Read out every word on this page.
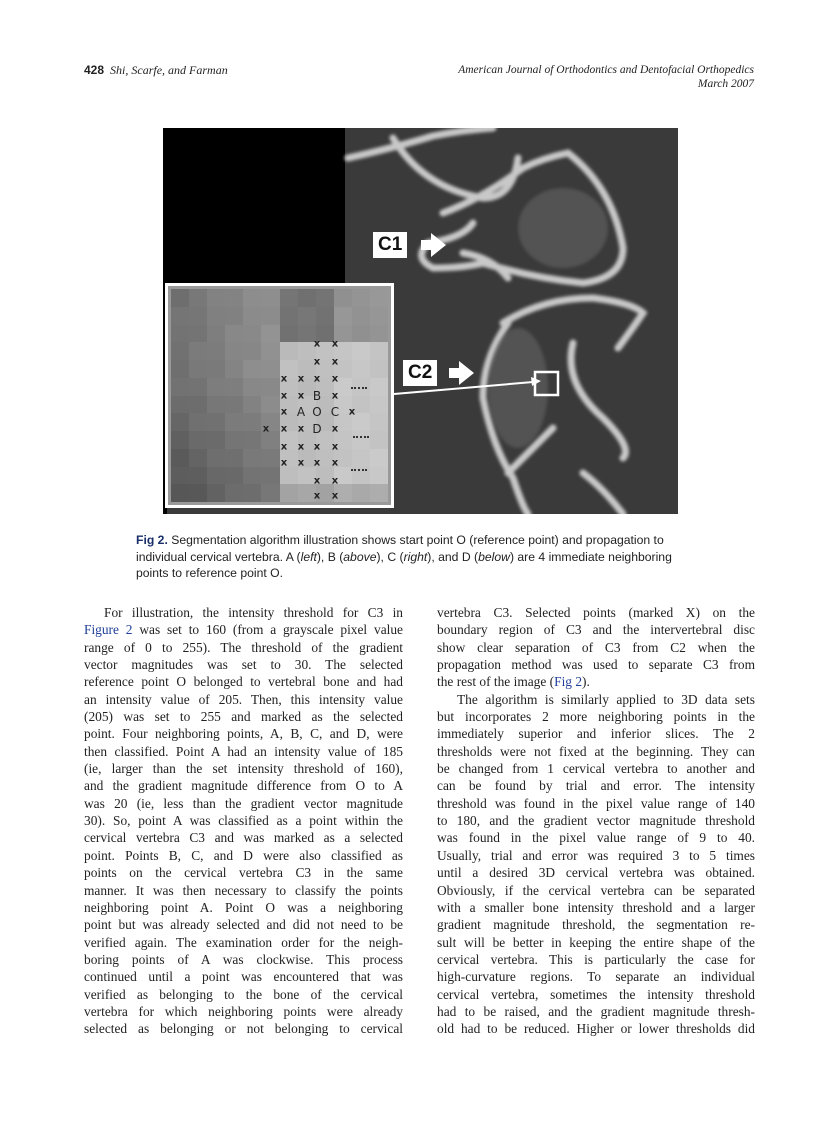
428 Shi, Scarfe, and Farman	American Journal of Orthodontics and Dentofacial Orthopedics
March 2007
C1
C2
x x
x x
x x x x
x x B x
x A O C x
x x x D x
x x x x
x x x x
x x
x x
Fig 2. Segmentation algorithm illustration shows start point O (reference point) and propagation to individual cervical vertebra. A (left), B (above), C (right), and D (below) are 4 immediate neighboring points to reference point O.
For illustration, the intensity threshold for C3 in
Figure 2 was set to 160 (from a grayscale pixel value
range of 0 to 255). The threshold of the gradient
vector magnitudes was set to 30. The selected
reference point O belonged to vertebral bone and had
an intensity value of 205. Then, this intensity value
(205) was set to 255 and marked as the selected
point. Four neighboring points, A, B, C, and D, were
then classified. Point A had an intensity value of 185
(ie, larger than the set intensity threshold of 160),
and the gradient magnitude difference from O to A
was 20 (ie, less than the gradient vector magnitude
30). So, point A was classified as a point within the
cervical vertebra C3 and was marked as a selected
point. Points B, C, and D were also classified as
points on the cervical vertebra C3 in the same
manner. It was then necessary to classify the points
neighboring point A. Point O was a neighboring
point but was already selected and did not need to be
verified again. The examination order for the neigh-
boring points of A was clockwise. This process
continued until a point was encountered that was
verified as belonging to the bone of the cervical
vertebra for which neighboring points were already
selected as belonging or not belonging to cervical
vertebra C3. Selected points (marked X) on the
boundary region of C3 and the intervertebral disc
show clear separation of C3 from C2 when the
propagation method was used to separate C3 from
the rest of the image (Fig 2).
The algorithm is similarly applied to 3D data sets
but incorporates 2 more neighboring points in the
immediately superior and inferior slices. The 2
thresholds were not fixed at the beginning. They can
be changed from 1 cervical vertebra to another and
can be found by trial and error. The intensity
threshold was found in the pixel value range of 140
to 180, and the gradient vector magnitude threshold
was found in the pixel value range of 9 to 40.
Usually, trial and error was required 3 to 5 times
until a desired 3D cervical vertebra was obtained.
Obviously, if the cervical vertebra can be separated
with a smaller bone intensity threshold and a larger
gradient magnitude threshold, the segmentation re-
sult will be better in keeping the entire shape of the
cervical vertebra. This is particularly the case for
high-curvature regions. To separate an individual
cervical vertebra, sometimes the intensity threshold
had to be raised, and the gradient magnitude thresh-
old had to be reduced. Higher or lower thresholds did
